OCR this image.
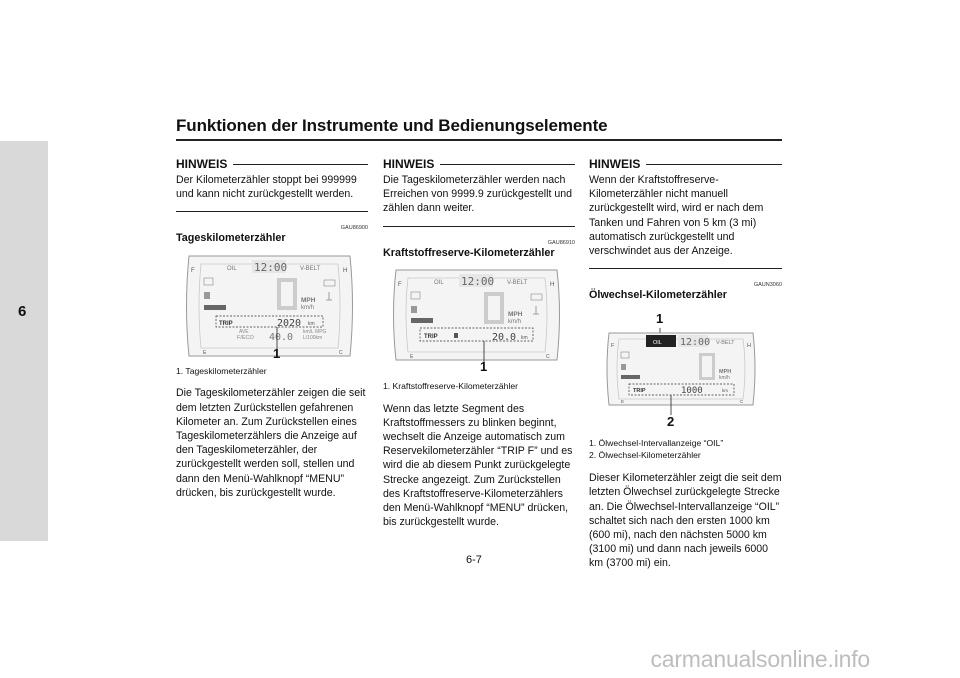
6
Funktionen der Instrumente und Bedienungselemente
HINWEIS
Der Kilometerzähler stoppt bei 999999 und kann nicht zurückgestellt werden.
GAU86900
Tageskilometerzähler
F	H
E	C
OIL 12:00 V-BELT
MPH
km/h
TRIP	2020 km
AVE
F/ECO 40.0 km/L MPG
L/100km
1
1. Tageskilometerzähler
Die Tageskilometerzähler zeigen die seit dem letzten Zurückstellen gefahrenen Kilometer an. Zum Zurückstellen eines Tageskilometerzählers die Anzeige auf den Tageskilometerzähler, der zurückgestellt werden soll, stellen und dann den Menü-Wahlknopf “MENU” drücken, bis zurückgestellt wurde.
HINWEIS
Die Tageskilometerzähler werden nach Erreichen von 9999.9 zurückgestellt und zählen dann weiter.
GAU86910
Kraftstoffreserve-Kilometerzähler
F	H
E	C
OIL 12:00 V-BELT
MPH
km/h
TRIP	20.0 km
1
1. Kraftstoffreserve-Kilometerzähler
Wenn das letzte Segment des Kraftstoffmessers zu blinken beginnt, wechselt die Anzeige automatisch zum Reservekilometerzähler “TRIP F” und es wird die ab diesem Punkt zurückgelegte Strecke angezeigt. Zum Zurückstellen des Kraftstoffreserve-Kilometerzählers den Menü-Wahlknopf “MENU” drücken, bis zurückgestellt wurde.
HINWEIS
Wenn der Kraftstoffreserve-Kilometerzähler nicht manuell zurückgestellt wird, wird er nach dem Tanken und Fahren von 5 km (3 mi) automatisch zurückgestellt und verschwindet aus der Anzeige.
GAUN3060
Ölwechsel-Kilometerzähler
1
F	H
E	C
OIL 12:00 V-BELT
MPH
km/h
TRIP	1000	km
2
1. Ölwechsel-Intervallanzeige “OIL”
2. Ölwechsel-Kilometerzähler
Dieser Kilometerzähler zeigt die seit dem letzten Ölwechsel zurückgelegte Strecke an. Die Ölwechsel-Intervallanzeige “OIL” schaltet sich nach den ersten 1000 km (600 mi), nach den nächsten 5000 km (3100 mi) und dann nach jeweils 6000 km (3700 mi) ein.
6-7
carmanualsonline.info
